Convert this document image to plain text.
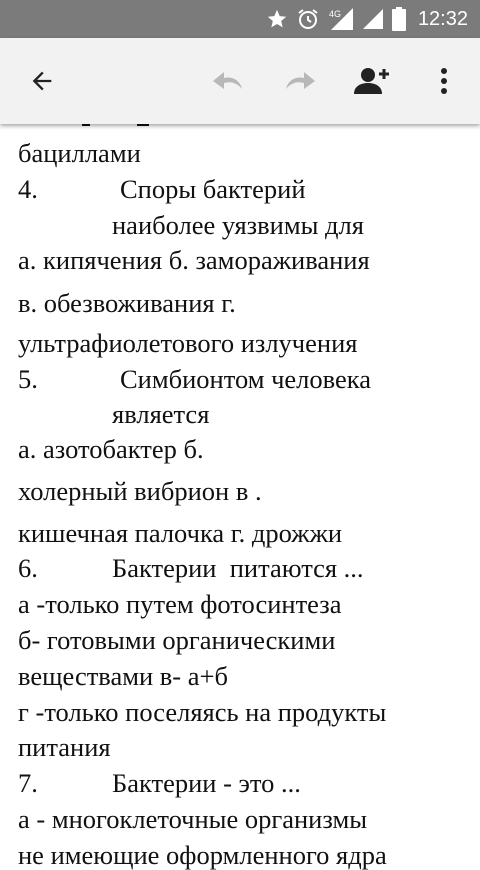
4G	12:32

бациллами
4.	Споры бактерий
наиболее уязвимы для
а. кипячения б. замораживания
в. обезвоживания г.
ультрафиолетового излучения
5.	Симбионтом человека
является
а. азотобактер б.
холерный вибрион в .
кишечная палочка г. дрожжи
6.	Бактерии  питаются ...
а -только путем фотосинтеза
б- готовыми органическими
веществами в- а+б
г -только поселяясь на продукты
питания
7.	Бактерии - это ...
а - многоклеточные организмы
не имеющие оформленного ядра
